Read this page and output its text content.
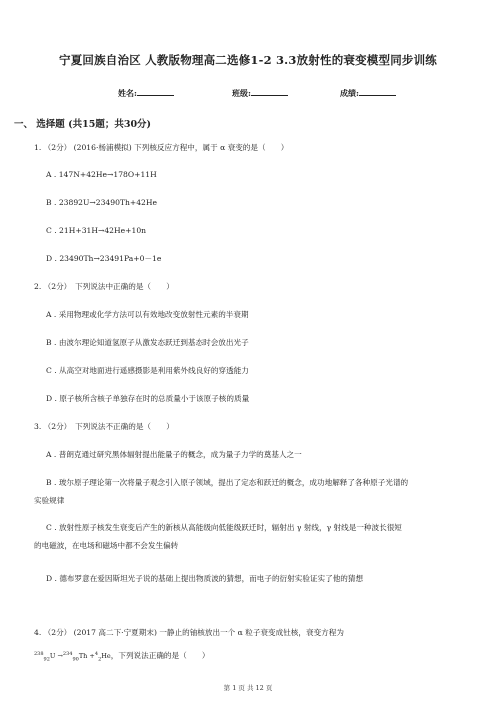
宁夏回族自治区 人教版物理高二选修1-2 3.3放射性的衰变模型同步训练
姓名:	班级:	成绩:
一、 选择题 (共15题；共30分)
1. （2分） (2016·杨浦模拟) 下列核反应方程中，属于 α 衰变的是（　　）
A . 147N+42He→178O+11H
B . 23892U→23490Th+42He
C . 21H+31H→42He+10n
D . 23490Th→23491Pa+0－1e
2. （2分）　下列说法中正确的是（　　）
A . 采用物理或化学方法可以有效地改变放射性元素的半衰期
B . 由波尔理论知道氢原子从激发态跃迁到基态时会放出光子
C . 从高空对地面进行遥感摄影是利用紫外线良好的穿透能力
D . 原子核所含核子单独存在时的总质量小于该原子核的质量
3. （2分）　下列说法不正确的是（　　）
A . 普朗克通过研究黑体辐射提出能量子的概念，成为量子力学的奠基人之一
B . 玻尔原子理论第一次将量子观念引入原子领域，提出了定态和跃迁的概念，成功地解释了各种原子光谱的
实验规律
C . 放射性原子核发生衰变后产生的新核从高能级向低能级跃迁时，辐射出 γ 射线，γ 射线是一种波长很短
的电磁波，在电场和磁场中都不会发生偏转
D . 德布罗意在爱因斯坦光子说的基础上提出物质波的猜想，而电子的衍射实验证实了他的猜想
4. （2分） (2017 高二下·宁夏期末) 一静止的铀核放出一个 α 粒子衰变成钍核，衰变方程为
$^{238}_{92}$U →$^{234}_{90}$Th +$^4_2$He，下列说法正确的是（　　）
第 1 页 共 12 页
